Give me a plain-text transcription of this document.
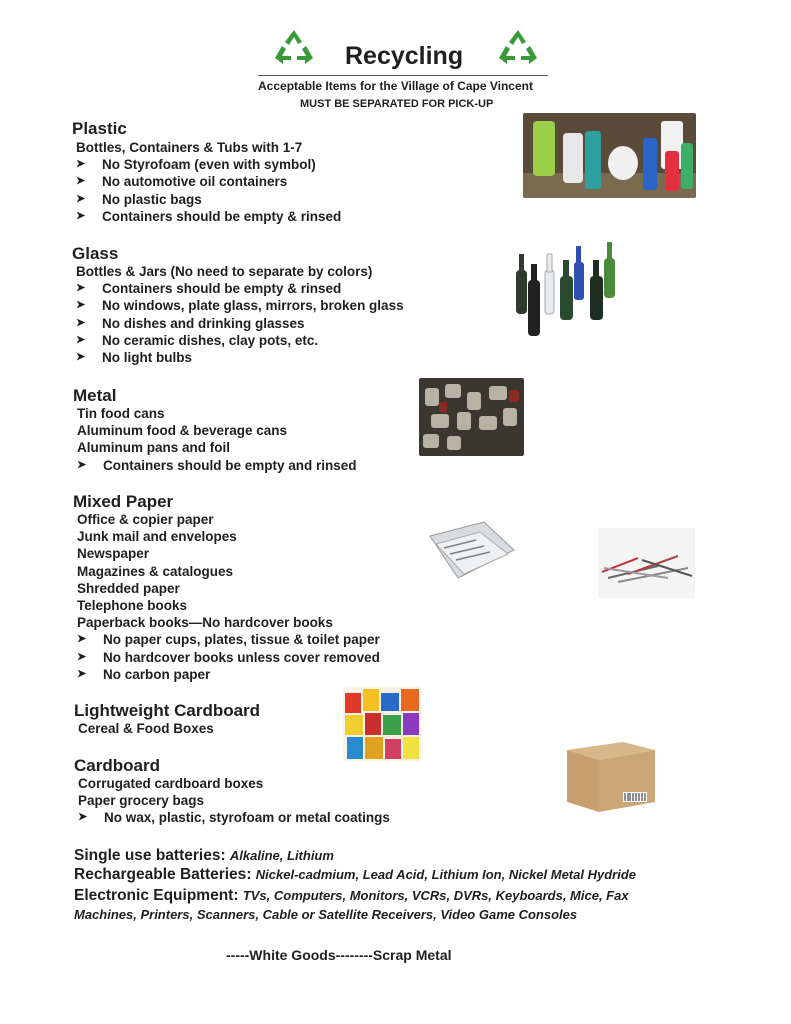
Recycling
Acceptable Items for the Village of Cape Vincent
MUST BE SEPARATED FOR PICK-UP
Plastic
Bottles, Containers & Tubs with 1-7
➤	No Styrofoam (even with symbol)
➤	No automotive oil containers
➤	No plastic bags
➤	Containers should be empty & rinsed
Glass
Bottles & Jars (No need to separate by colors)
➤	Containers should be empty & rinsed
➤	No windows, plate glass, mirrors, broken glass
➤	No dishes and drinking glasses
➤	No ceramic dishes, clay pots, etc.
➤	No light bulbs
Metal
Tin food cans
Aluminum food & beverage cans
Aluminum pans and foil
➤	Containers should be empty and rinsed
Mixed Paper
Office & copier paper
Junk mail and envelopes
Newspaper
Magazines & catalogues
Shredded paper
Telephone books
Paperback books—No hardcover books
➤	No paper cups, plates, tissue & toilet paper
➤	No hardcover books unless cover removed
➤	No carbon paper
Lightweight Cardboard
Cereal & Food Boxes
Cardboard
Corrugated cardboard boxes
Paper grocery bags
➤	No wax, plastic, styrofoam or metal coatings
Single use batteries: Alkaline, Lithium
Rechargeable Batteries: Nickel-cadmium, Lead Acid, Lithium Ion, Nickel Metal Hydride
Electronic Equipment: TVs, Computers, Monitors, VCRs, DVRs, Keyboards, Mice, Fax
Machines, Printers, Scanners, Cable or Satellite Receivers, Video Game Consoles
-----White Goods--------Scrap Metal
